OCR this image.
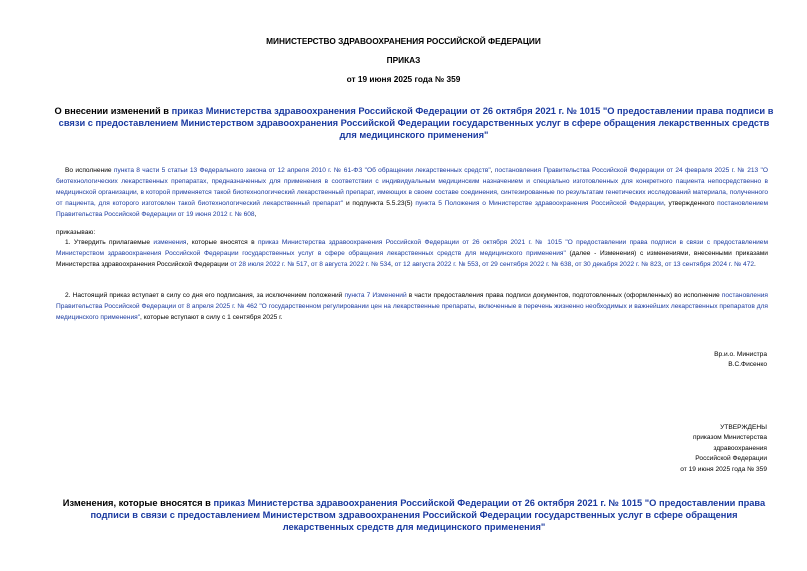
МИНИСТЕРСТВО ЗДРАВООХРАНЕНИЯ РОССИЙСКОЙ ФЕДЕРАЦИИ
ПРИКАЗ
от 19 июня 2025 года № 359
О внесении изменений в приказ Министерства здравоохранения Российской Федерации от 26 октября 2021 г. № 1015 "О предоставлении права подписи в связи с предоставлением Министерством здравоохранения Российской Федерации государственных услуг в сфере обращения лекарственных средств для медицинского применения"
Во исполнение пункта 8 части 5 статьи 13 Федерального закона от 12 апреля 2010 г. № 61-ФЗ "Об обращении лекарственных средств", постановления Правительства Российской Федерации от 24 февраля 2025 г. № 213 "О биотехнологических лекарственных препаратах, предназначенных для применения в соответствии с индивидуальным медицинским назначением и специально изготовленных для конкретного пациента непосредственно в медицинской организации, в которой применяется такой биотехнологический лекарственный препарат, имеющих в своем составе соединения, синтезированные по результатам генетических исследований материала, полученного от пациента, для которого изготовлен такой биотехнологический лекарственный препарат" и подпункта 5.5.23(5) пункта 5 Положения о Министерстве здравоохранения Российской Федерации, утвержденного постановлением Правительства Российской Федерации от 19 июня 2012 г. № 608,
приказываю:
1. Утвердить прилагаемые изменения, которые вносятся в приказ Министерства здравоохранения Российской Федерации от 26 октября 2021 г. № 1015 "О предоставлении права подписи в связи с предоставлением Министерством здравоохранения Российской Федерации государственных услуг в сфере обращения лекарственных средств для медицинского применения" (далее - Изменения) с изменениями, внесенными приказами Министерства здравоохранения Российской Федерации от 28 июля 2022 г. № 517, от 8 августа 2022 г. № 534, от 12 августа 2022 г. № 553, от 29 сентября 2022 г. № 638, от 30 декабря 2022 г. № 823, от 13 сентября 2024 г. № 472.
2. Настоящий приказ вступает в силу со дня его подписания, за исключением положений пункта 7 Изменений в части предоставления права подписи документов, подготовленных (оформленных) во исполнение постановления Правительства Российской Федерации от 8 апреля 2025 г. № 462 "О государственном регулировании цен на лекарственные препараты, включенные в перечень жизненно необходимых и важнейших лекарственных препаратов для медицинского применения", которые вступают в силу с 1 сентября 2025 г.
Вр.и.о. Министра
В.С.Фисенко
УТВЕРЖДЕНЫ
приказом Министерства
здравоохранения
Российской Федерации
от 19 июня 2025 года № 359
Изменения, которые вносятся в приказ Министерства здравоохранения Российской Федерации от 26 октября 2021 г. № 1015 "О предоставлении права подписи в связи с предоставлением Министерством здравоохранения Российской Федерации государственных услуг в сфере обращения лекарственных средств для медицинского применения"
